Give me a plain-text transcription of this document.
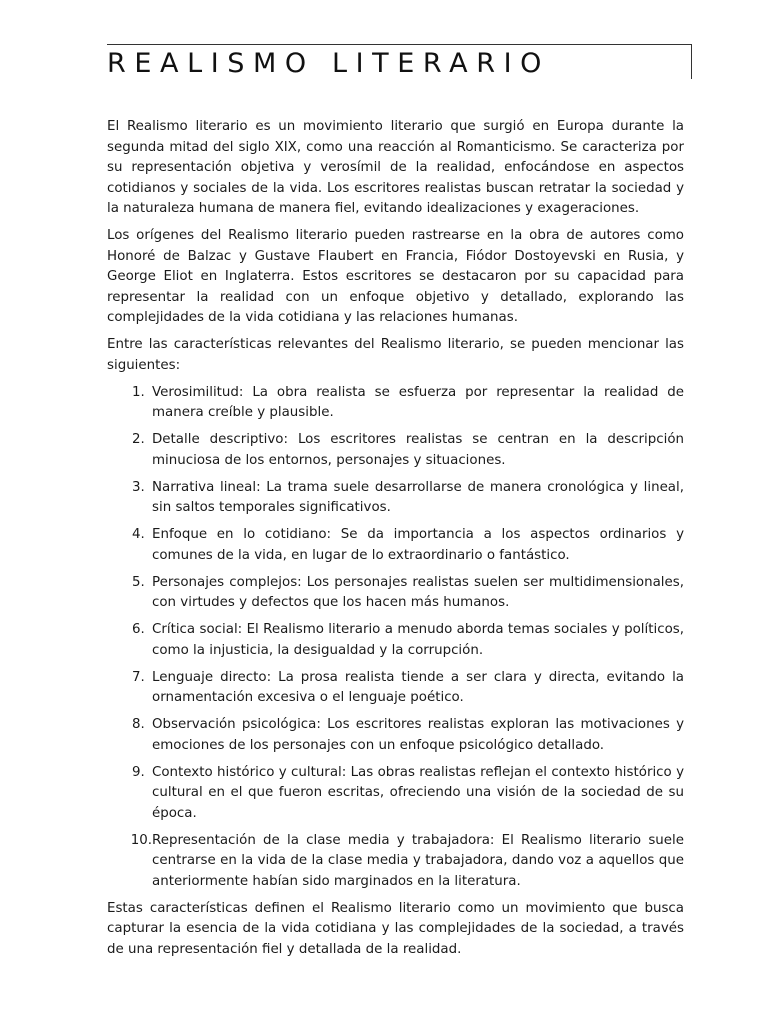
REALISMO LITERARIO

El Realismo literario es un movimiento literario que surgió en Europa durante la segunda mitad del siglo XIX, como una reacción al Romanticismo. Se caracteriza por su representación objetiva y verosímil de la realidad, enfocándose en aspectos cotidianos y sociales de la vida. Los escritores realistas buscan retratar la sociedad y la naturaleza humana de manera fiel, evitando idealizaciones y exageraciones.

Los orígenes del Realismo literario pueden rastrearse en la obra de autores como Honoré de Balzac y Gustave Flaubert en Francia, Fiódor Dostoyevski en Rusia, y George Eliot en Inglaterra. Estos escritores se destacaron por su capacidad para representar la realidad con un enfoque objetivo y detallado, explorando las complejidades de la vida cotidiana y las relaciones humanas.

Entre las características relevantes del Realismo literario, se pueden mencionar las siguientes:

1. Verosimilitud: La obra realista se esfuerza por representar la realidad de manera creíble y plausible.
2. Detalle descriptivo: Los escritores realistas se centran en la descripción minuciosa de los entornos, personajes y situaciones.
3. Narrativa lineal: La trama suele desarrollarse de manera cronológica y lineal, sin saltos temporales significativos.
4. Enfoque en lo cotidiano: Se da importancia a los aspectos ordinarios y comunes de la vida, en lugar de lo extraordinario o fantástico.
5. Personajes complejos: Los personajes realistas suelen ser multidimensionales, con virtudes y defectos que los hacen más humanos.
6. Crítica social: El Realismo literario a menudo aborda temas sociales y políticos, como la injusticia, la desigualdad y la corrupción.
7. Lenguaje directo: La prosa realista tiende a ser clara y directa, evitando la ornamentación excesiva o el lenguaje poético.
8. Observación psicológica: Los escritores realistas exploran las motivaciones y emociones de los personajes con un enfoque psicológico detallado.
9. Contexto histórico y cultural: Las obras realistas reflejan el contexto histórico y cultural en el que fueron escritas, ofreciendo una visión de la sociedad de su época.
10. Representación de la clase media y trabajadora: El Realismo literario suele centrarse en la vida de la clase media y trabajadora, dando voz a aquellos que anteriormente habían sido marginados en la literatura.

Estas características definen el Realismo literario como un movimiento que busca capturar la esencia de la vida cotidiana y las complejidades de la sociedad, a través de una representación fiel y detallada de la realidad.
